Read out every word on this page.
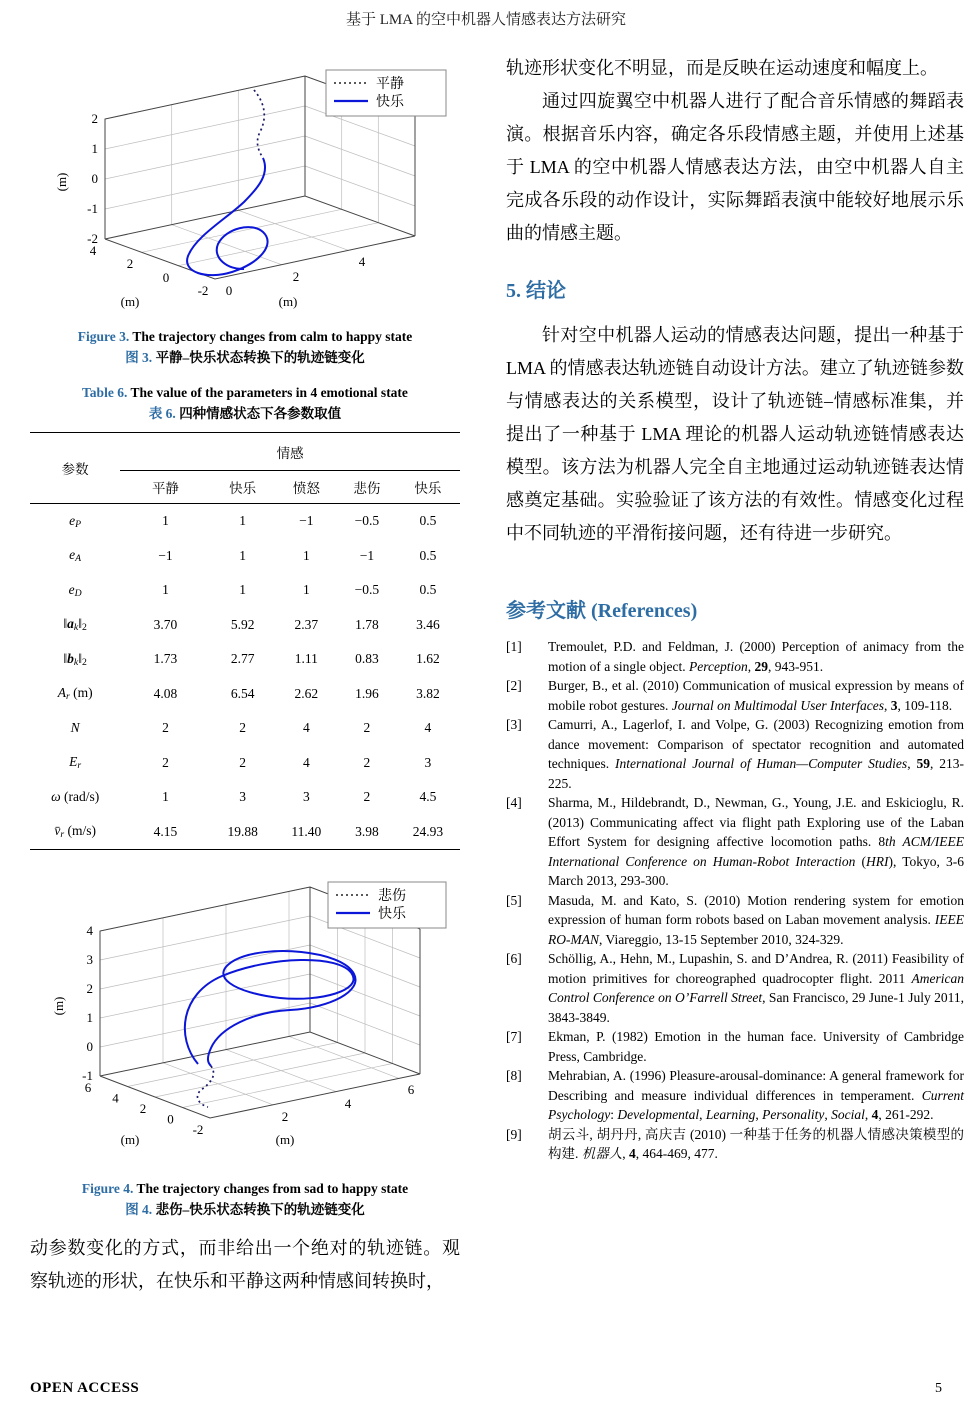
基于 LMA 的空中机器人情感表达方法研究
平静
快乐
2
1
0
-1
-2
4
2
0
-2 0
2
4
(m)
(m)	(m)
Figure 3. The trajectory changes from calm to happy state
图 3. 平静–快乐状态转换下的轨迹链变化
Table 6. The value of the parameters in 4 emotional state
表 6. 四种情感状态下各参数取值
参数	情感				
	平静	快乐	愤怒	悲伤	快乐
$e_P$	1	1	−1	−0.5	0.5
$e_A$	−1	1	1	−1	0.5
$e_D$	1	1	1	−0.5	0.5
$‖a_k‖2$	3.70	5.92	2.37	1.78	3.46
$‖b_k‖2$	1.73	2.77	1.11	0.83	1.62
$A_r$ (m)	4.08	6.54	2.62	1.96	3.82
N	2	2	4	2	4
$E_r$	2	2	4	2	3
ω (rad/s)	1	3	3	2	4.5
$v̄_r$ (m/s)	4.15	19.88	11.40	3.98	24.93
悲伤
快乐
4
3
2
1
0
-1
6
4
2
0
-2
2
4
6
(m)
(m)	(m)
Figure 4. The trajectory changes from sad to happy state
图 4. 悲伤–快乐状态转换下的轨迹链变化
动参数变化的方式，而非给出一个绝对的轨迹链。观察轨迹的形状，在快乐和平静这两种情感间转换时，
轨迹形状变化不明显，而是反映在运动速度和幅度上。
通过四旋翼空中机器人进行了配合音乐情感的舞蹈表演。根据音乐内容，确定各乐段情感主题，并使用上述基于 LMA 的空中机器人情感表达方法，由空中机器人自主完成各乐段的动作设计，实际舞蹈表演中能较好地展示乐曲的情感主题。
5. 结论
针对空中机器人运动的情感表达问题，提出一种基于 LMA 的情感表达轨迹链自动设计方法。建立了轨迹链参数与情感表达的关系模型，设计了轨迹链–情感标准集，并提出了一种基于 LMA 理论的机器人运动轨迹链情感表达模型。该方法为机器人完全自主地通过运动轨迹链表达情感奠定基础。实验验证了该方法的有效性。情感变化过程中不同轨迹的平滑衔接问题，还有待进一步研究。
参考文献 (References)
[1]	Tremoulet, P.D. and Feldman, J. (2000) Perception of animacy from the motion of a single object. Perception, 29, 943-951.
[2]	Burger, B., et al. (2010) Communication of musical expression by means of mobile robot gestures. Journal on Multimodal User Interfaces, 3, 109-118.
[3]	Camurri, A., Lagerlof, I. and Volpe, G. (2003) Recognizing emotion from dance movement: Comparison of spectator recognition and automated techniques. International Journal of Human—Computer Studies, 59, 213-225.
[4]	Sharma, M., Hildebrandt, D., Newman, G., Young, J.E. and Eskicioglu, R. (2013) Communicating affect via flight path Exploring use of the Laban Effort System for designing affective locomotion paths. 8th ACM/IEEE International Conference on Human-Robot Interaction (HRI), Tokyo, 3-6 March 2013, 293-300.
[5]	Masuda, M. and Kato, S. (2010) Motion rendering system for emotion expression of human form robots based on Laban movement analysis. IEEE RO-MAN, Viareggio, 13-15 September 2010, 324-329.
[6]	Schöllig, A., Hehn, M., Lupashin, S. and D’Andrea, R. (2011) Feasibility of motion primitives for choreographed quadrocopter flight. 2011 American Control Conference on O’Farrell Street, San Francisco, 29 June-1 July 2011, 3843-3849.
[7]	Ekman, P. (1982) Emotion in the human face. University of Cambridge Press, Cambridge.
[8]	Mehrabian, A. (1996) Pleasure-arousal-dominance: A general framework for Describing and measure individual differences in temperament. Current Psychology: Developmental, Learning, Personality, Social, 4, 261-292.
[9]	胡云斗, 胡丹丹, 高庆吉 (2010) 一种基于任务的机器人情感决策模型的构建. 机器人, 4, 464-469, 477.
OPEN ACCESS	5
